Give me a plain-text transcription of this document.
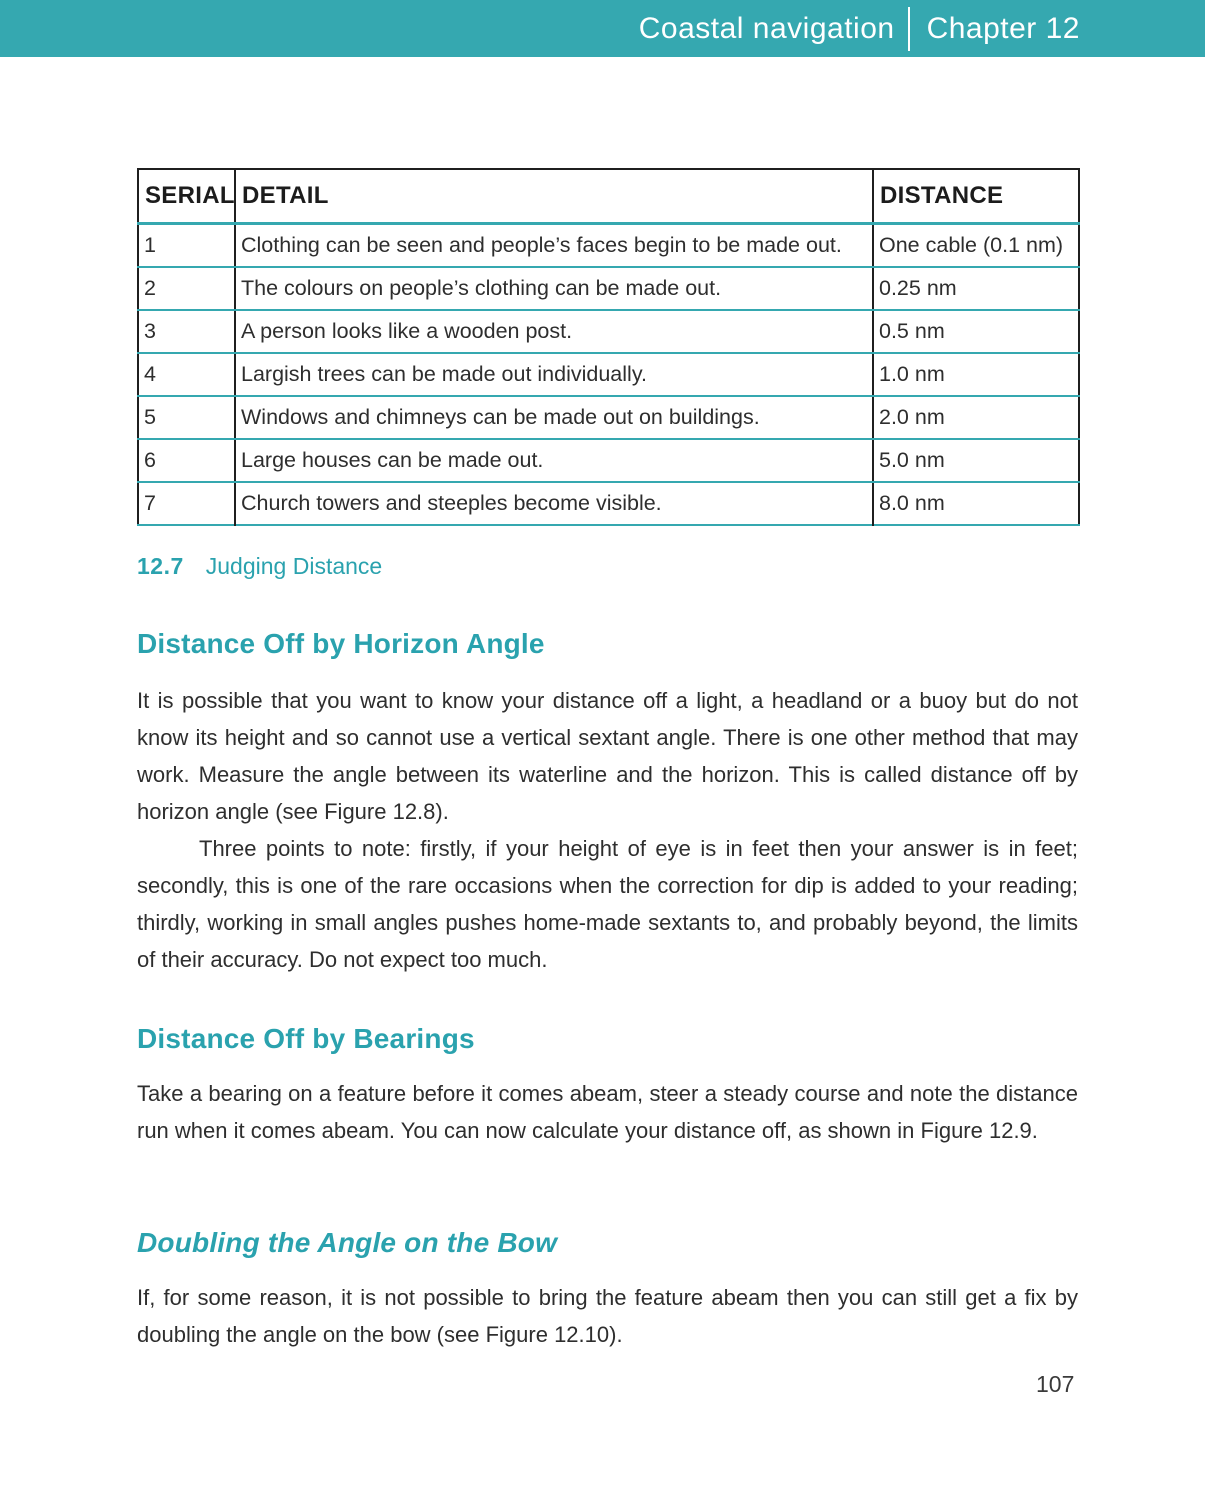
Coastal navigation Chapter 12
SERIAL	DETAIL	DISTANCE
1	Clothing can be seen and people’s faces begin to be made out.	One cable (0.1 nm)
2	The colours on people’s clothing can be made out.	0.25 nm
3	A person looks like a wooden post.	0.5 nm
4	Largish trees can be made out individually.	1.0 nm
5	Windows and chimneys can be made out on buildings.	2.0 nm
6	Large houses can be made out.	5.0 nm
7	Church towers and steeples become visible.	8.0 nm
12.7 Judging Distance
Distance Off by Horizon Angle

It is possible that you want to know your distance off a light, a headland or a buoy but do not know its height and so cannot use a vertical sextant angle. There is one other method that may work. Measure the angle between its waterline and the horizon. This is called distance off by horizon angle (see Figure 12.8).

Three points to note: firstly, if your height of eye is in feet then your answer is in feet; secondly, this is one of the rare occasions when the correction for dip is added to your reading; thirdly, working in small angles pushes home-made sextants to, and probably beyond, the limits of their accuracy. Do not expect too much.

Distance Off by Bearings

Take a bearing on a feature before it comes abeam, steer a steady course and note the distance run when it comes abeam. You can now calculate your distance off, as shown in Figure 12.9.

Doubling the Angle on the Bow

If, for some reason, it is not possible to bring the feature abeam then you can still get a fix by doubling the angle on the bow (see Figure 12.10).

107
